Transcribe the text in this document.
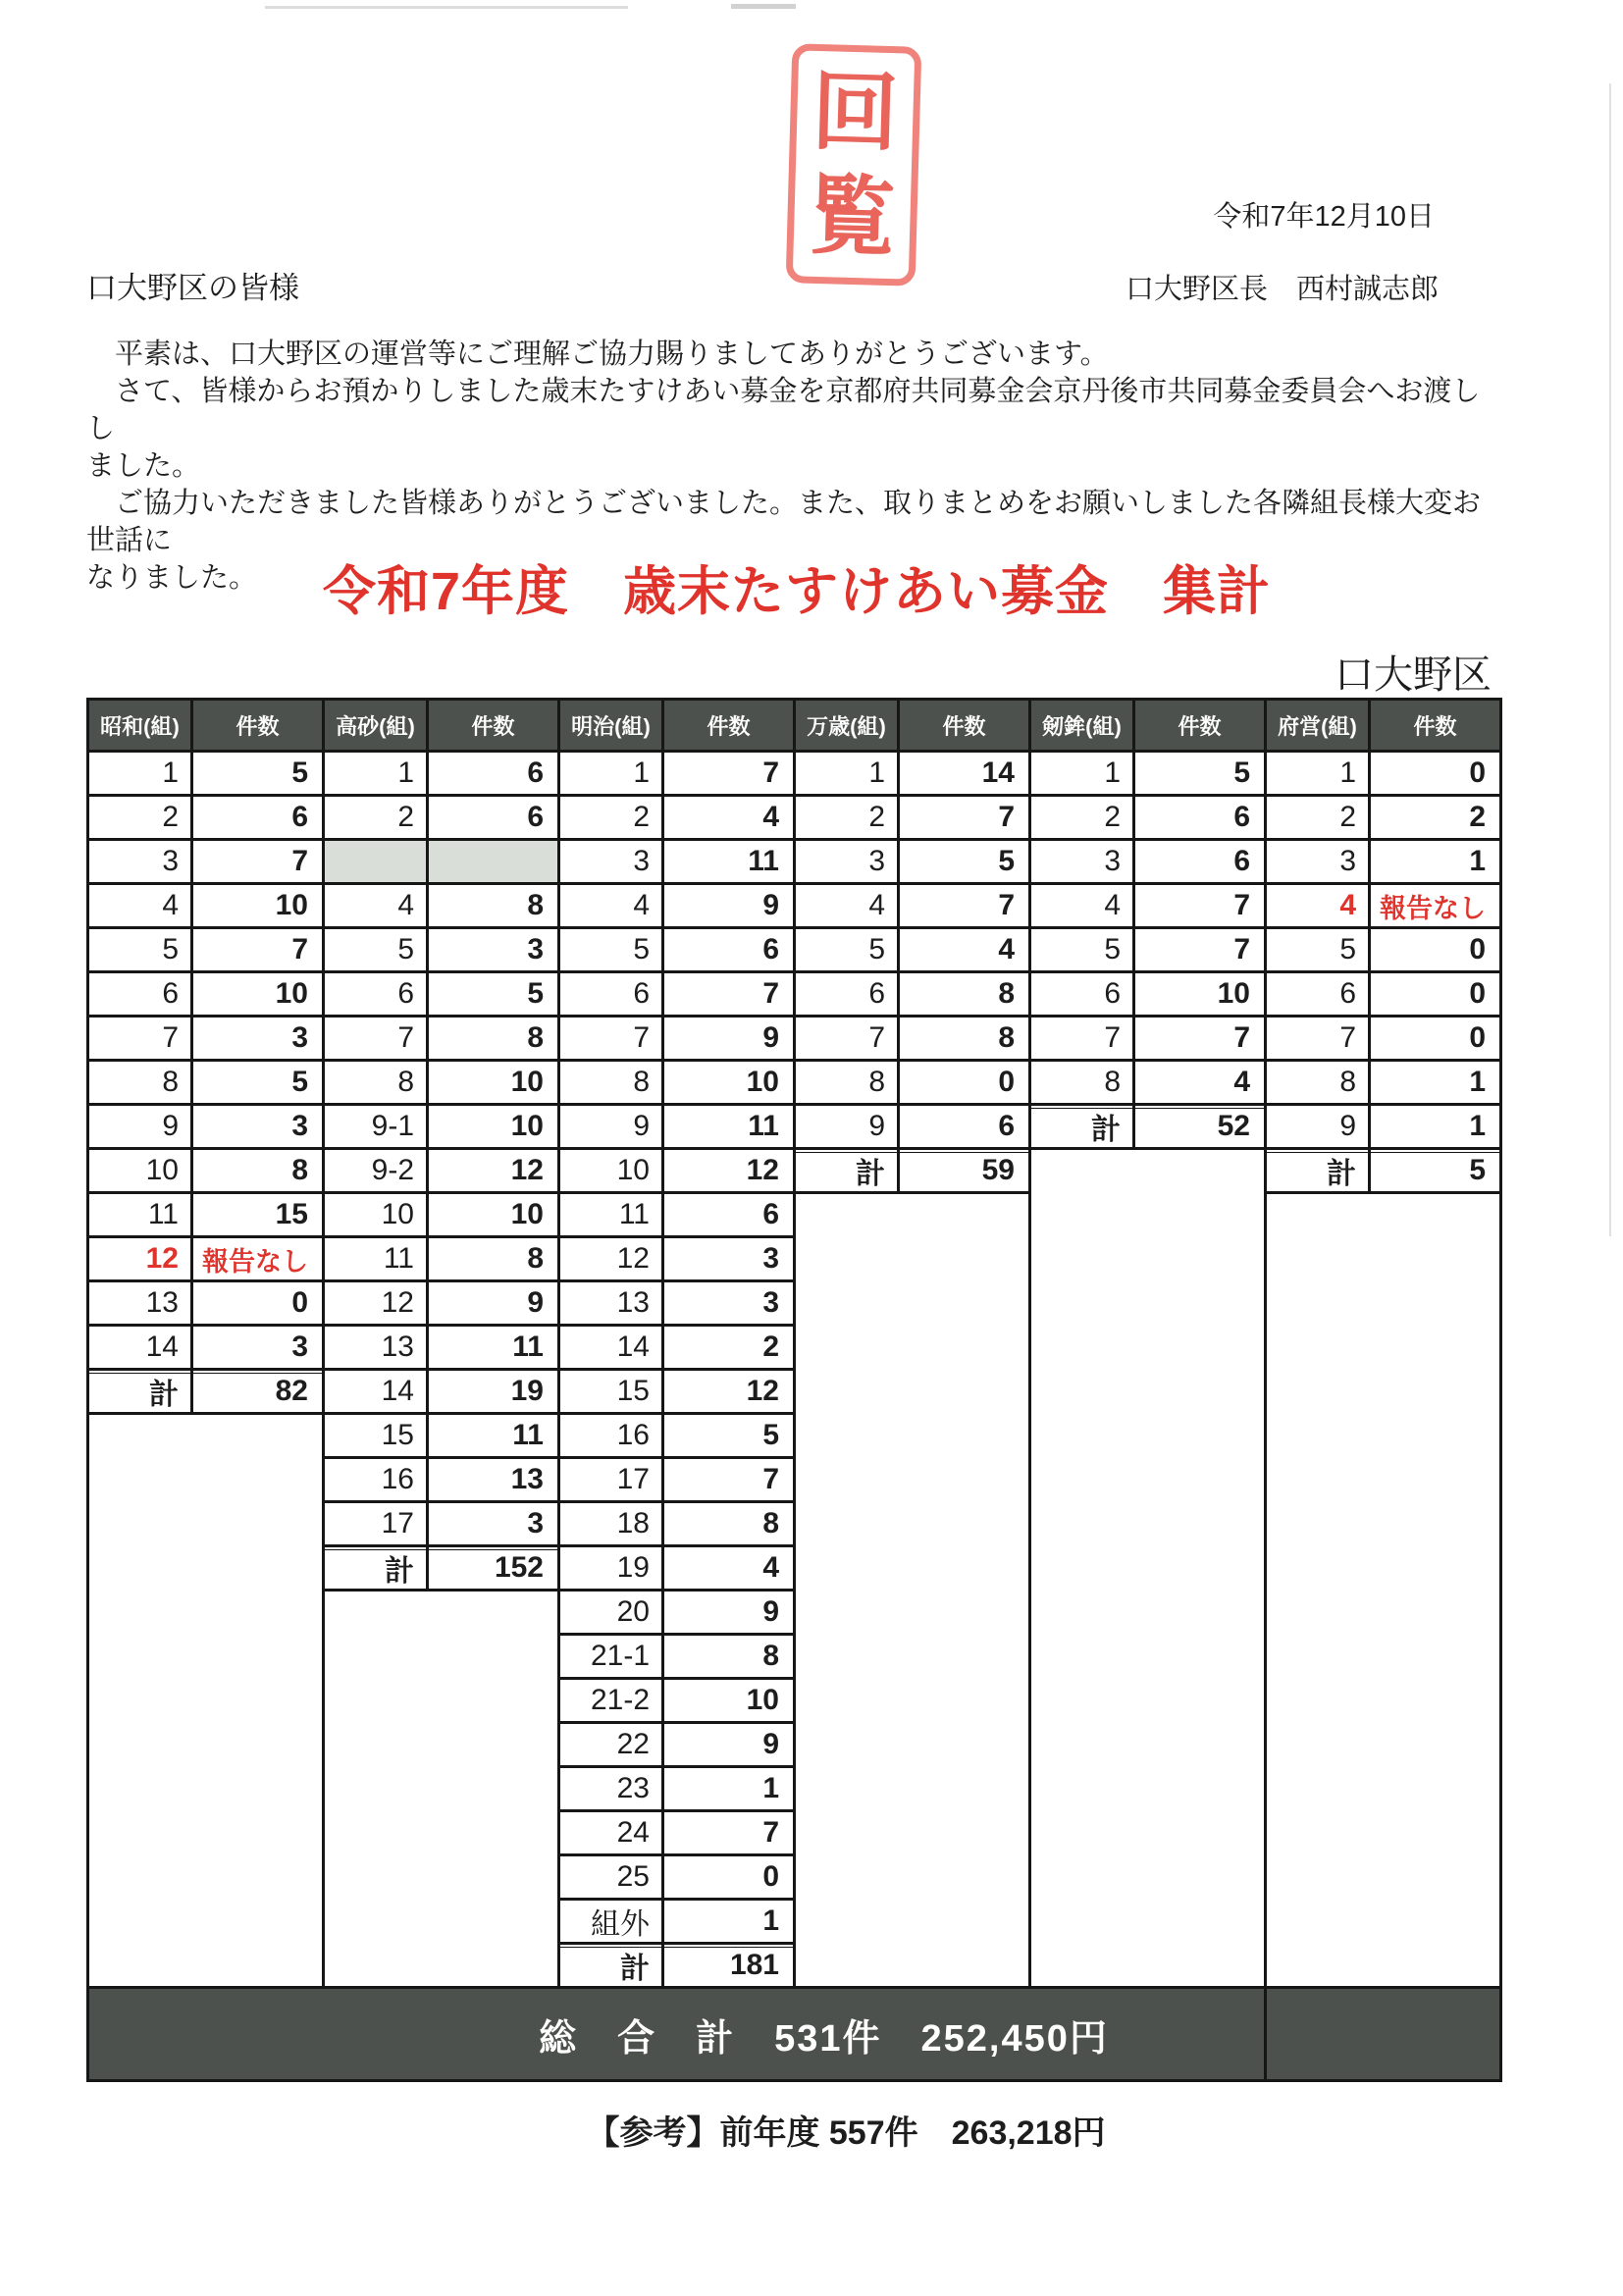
回
覧	令和7年12月10日
口大野区の皆様	口大野区長　西村誠志郎
　平素は、口大野区の運営等にご理解ご協力賜りましてありがとうございます。
　さて、皆様からお預かりしました歳末たすけあい募金を京都府共同募金会京丹後市共同募金委員会へお渡しし
ました。
　ご協力いただきました皆様ありがとうございました。また、取りまとめをお願いしました各隣組長様大変お世話に
なりました。	令和7年度　歳末たすけあい募金　集計
口大野区
昭和(組)	件数
1	5
2	6
3	7
4	10
5	7
6	10
7	3
8	5
9	3
10	8
11	15
12 報告なし
13	0
14	3
計	82
高砂(組)	件数
1	6
2	6
4	8
5	3
6	5
7	8
8	10
9-1	10
9-2	12
10	10
11	8
12	9
13	11
14	19
15	11
16	13
17	3
計	152
明治(組)	件数
1	7
2	4
3	11
4	9
5	6
6	7
7	9
8	10
9	11
10	12
11	6
12	3
13	3
14	2
15	12
16	5
17	7
18	8
19	4
20	9
21-1	8
21-2	10
22	9
23	1
24	7
25	0
組外	1
計	181
万歳(組)	件数
1	14
2	7
3	5
4	7
5	4
6	8
7	8
8	0
9	6
計	59
剱鉾(組)	件数
1	5
2	6
3	6
4	7
5	7
6	10
7	7
8	4
計	52
府営(組)	件数
1	0
2	2
3	1
4 報告なし
5	0
6	0
7	0
8	1
9	1
計	5
総　合　計　531件　252,450円
【参考】前年度 557件　263,218円
